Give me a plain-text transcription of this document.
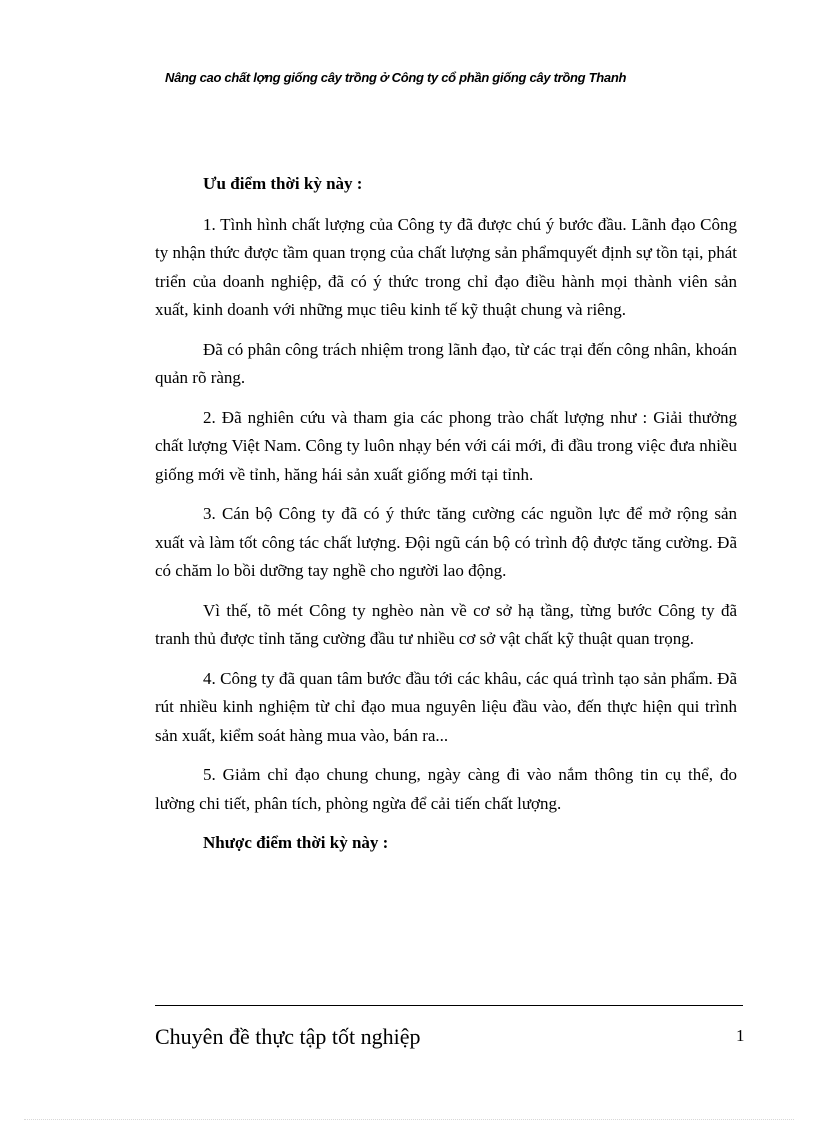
Nâng cao chất lợng giống cây trồng ở Công ty cổ phần giống cây trồng Thanh
Ưu điểm thời kỳ này :

1. Tình hình chất lượng của Công ty đã được chú ý bước đầu. Lãnh đạo Công ty nhận thức được tầm quan trọng của chất lượng sản phẩmquyết định sự tồn tại, phát triển của doanh nghiệp, đã có ý thức trong chỉ đạo điều hành mọi thành viên sản xuất, kinh doanh với những mục tiêu kinh tế kỹ thuật chung và riêng.

Đã có phân công trách nhiệm trong lãnh đạo, từ các trại đến công nhân, khoán quản rõ ràng.

2. Đã nghiên cứu và tham gia các phong trào chất lượng như : Giải thưởng chất lượng Việt Nam. Công ty luôn nhạy bén với cái mới, đi đầu trong việc đưa nhiều giống mới về tỉnh, hăng hái sản xuất giống mới tại tỉnh.

3. Cán bộ Công ty đã có ý thức tăng cường các nguồn lực để mở rộng sản xuất và làm tốt công tác chất lượng. Đội ngũ cán bộ có trình độ được tăng cường. Đã có chăm lo bồi dưỡng tay nghề cho người lao động.

Vì thế, tõ mét Công ty nghèo nàn về cơ sở hạ tầng, từng bước Công ty đã tranh thủ được tỉnh tăng cường đầu tư nhiều cơ sở vật chất kỹ thuật quan trọng.

4. Công ty đã quan tâm bước đầu tới các khâu, các quá trình tạo sản phẩm. Đã rút nhiều kinh nghiệm từ chỉ đạo mua nguyên liệu đầu vào, đến thực hiện qui trình sản xuất, kiểm soát hàng mua vào, bán ra...

5. Giảm chỉ đạo chung chung, ngày càng đi vào nắm thông tin cụ thể, đo lường chi tiết, phân tích, phòng ngừa để cải tiến chất lượng.

Nhược điểm thời kỳ này :
Chuyên đề thực tập tốt nghiệp	1
